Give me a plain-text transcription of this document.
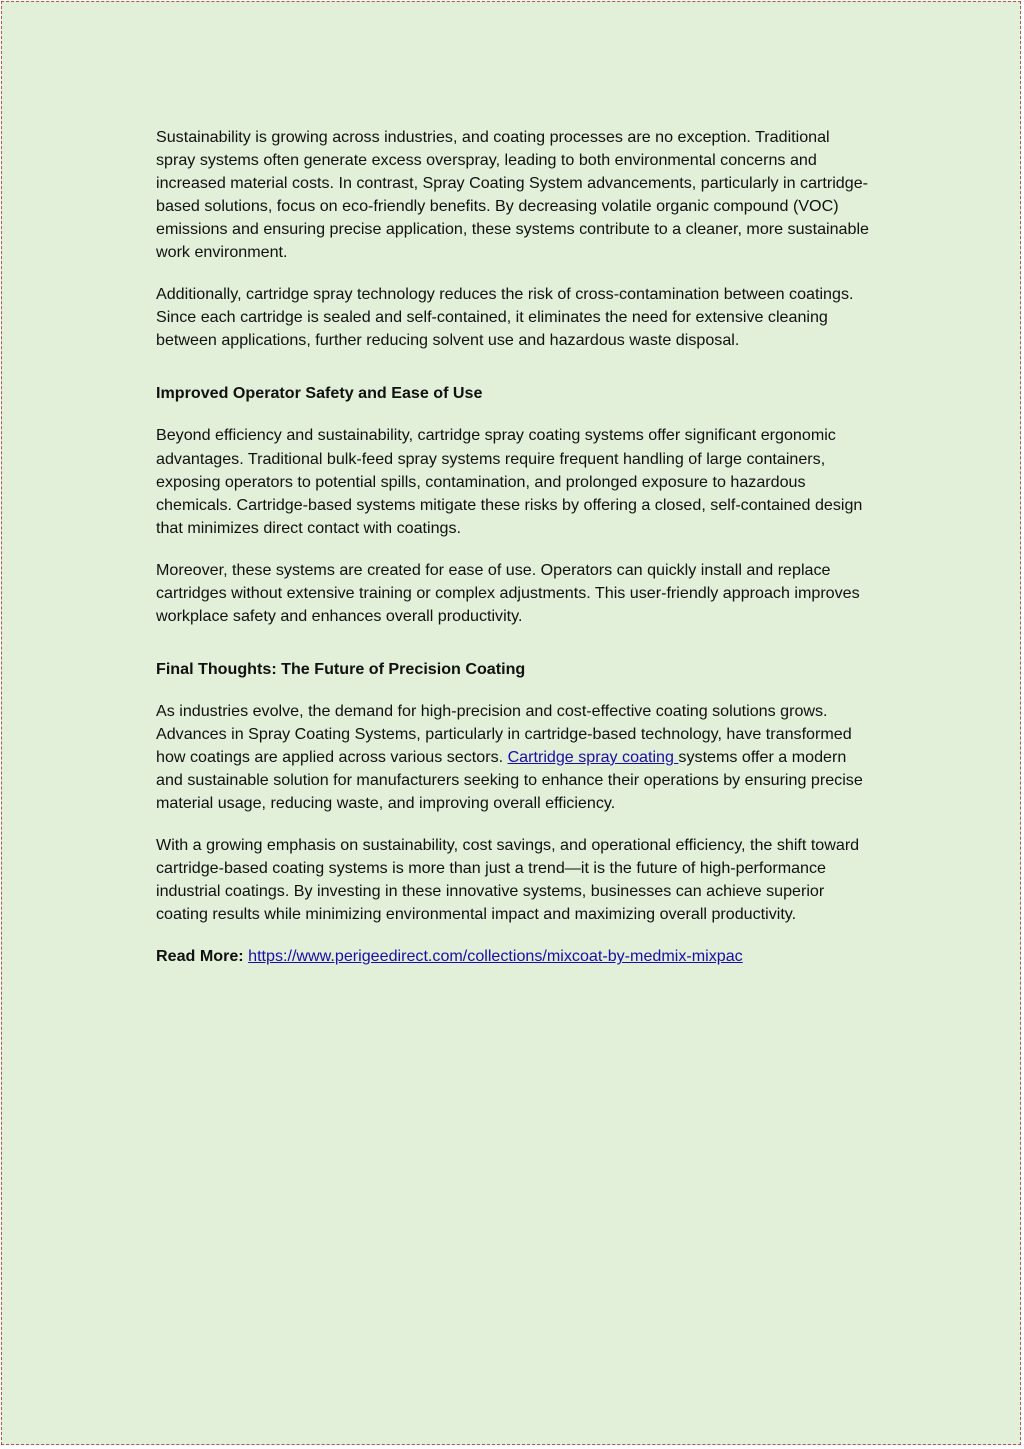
Sustainability is growing across industries, and coating processes are no exception. Traditional spray systems often generate excess overspray, leading to both environmental concerns and increased material costs. In contrast, Spray Coating System advancements, particularly in cartridge-based solutions, focus on eco-friendly benefits. By decreasing volatile organic compound (VOC) emissions and ensuring precise application, these systems contribute to a cleaner, more sustainable work environment.

Additionally, cartridge spray technology reduces the risk of cross-contamination between coatings. Since each cartridge is sealed and self-contained, it eliminates the need for extensive cleaning between applications, further reducing solvent use and hazardous waste disposal.

Improved Operator Safety and Ease of Use

Beyond efficiency and sustainability, cartridge spray coating systems offer significant ergonomic advantages. Traditional bulk-feed spray systems require frequent handling of large containers, exposing operators to potential spills, contamination, and prolonged exposure to hazardous chemicals. Cartridge-based systems mitigate these risks by offering a closed, self-contained design that minimizes direct contact with coatings.

Moreover, these systems are created for ease of use. Operators can quickly install and replace cartridges without extensive training or complex adjustments. This user-friendly approach improves workplace safety and enhances overall productivity.

Final Thoughts: The Future of Precision Coating

As industries evolve, the demand for high-precision and cost-effective coating solutions grows. Advances in Spray Coating Systems, particularly in cartridge-based technology, have transformed how coatings are applied across various sectors. Cartridge spray coating systems offer a modern and sustainable solution for manufacturers seeking to enhance their operations by ensuring precise material usage, reducing waste, and improving overall efficiency.

With a growing emphasis on sustainability, cost savings, and operational efficiency, the shift toward cartridge-based coating systems is more than just a trend—it is the future of high-performance industrial coatings. By investing in these innovative systems, businesses can achieve superior coating results while minimizing environmental impact and maximizing overall productivity.

Read More: https://www.perigeedirect.com/collections/mixcoat-by-medmix-mixpac
